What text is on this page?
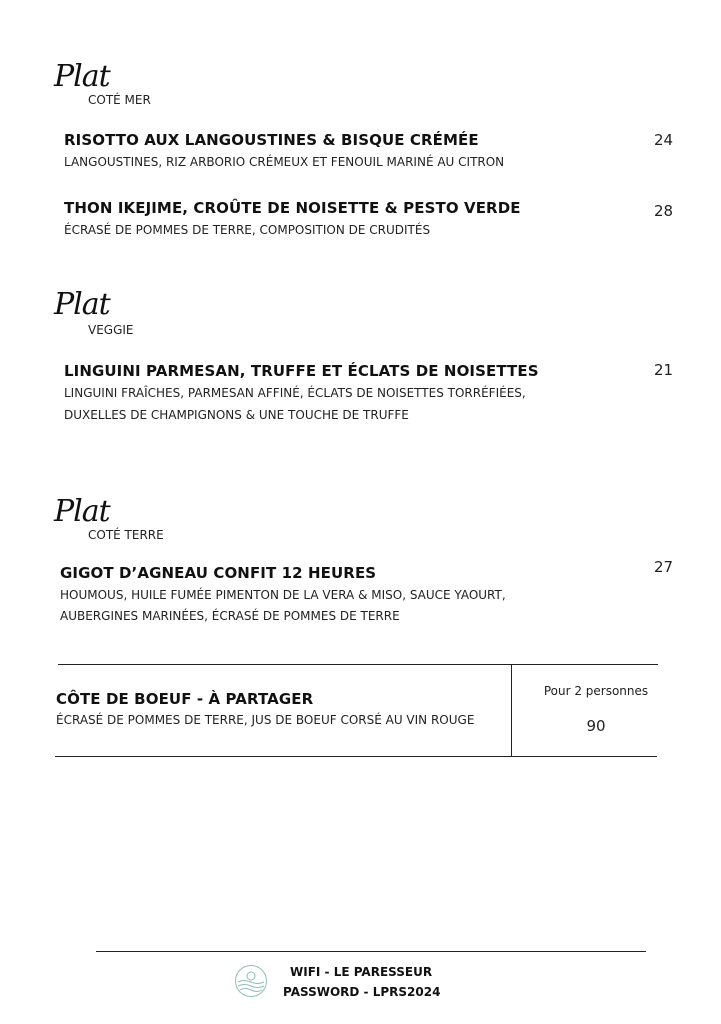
Plat
COTÉ MER
RISOTTO AUX LANGOUSTINES & BISQUE CRÉMÉE
LANGOUSTINES, RIZ ARBORIO CRÉMEUX ET FENOUIL MARINÉ AU CITRON
24
THON IKEJIME, CROÛTE DE NOISETTE & PESTO VERDE
ÉCRASÉ DE POMMES DE TERRE, COMPOSITION DE CRUDITÉS
28
Plat
VEGGIE
LINGUINI PARMESAN, TRUFFE ET ÉCLATS DE NOISETTES
LINGUINI FRAÎCHES, PARMESAN AFFINÉ, ÉCLATS DE NOISETTES TORRÉFIÉES,
DUXELLES DE CHAMPIGNONS & UNE TOUCHE DE TRUFFE
21
Plat
COTÉ TERRE
GIGOT D’AGNEAU CONFIT 12 HEURES
HOUMOUS, HUILE FUMÉE PIMENTON DE LA VERA & MISO, SAUCE YAOURT,
AUBERGINES MARINÉES, ÉCRASÉ DE POMMES DE TERRE
27
CÔTE DE BOEUF - À PARTAGER
ÉCRASÉ DE POMMES DE TERRE, JUS DE BOEUF CORSÉ AU VIN ROUGE
Pour 2 personnes
90
WIFI - LE PARESSEUR
PASSWORD - LPRS2024
